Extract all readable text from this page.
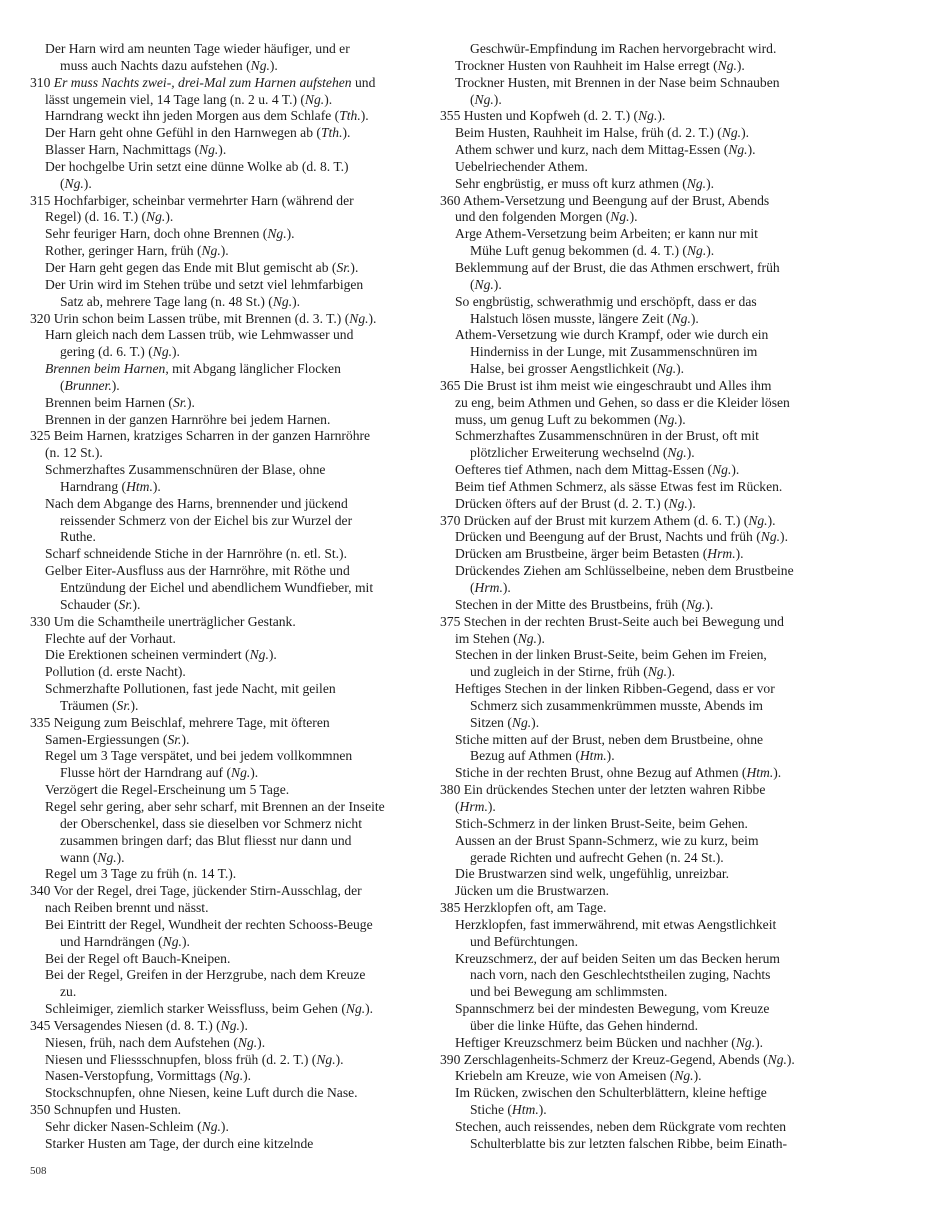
Der Harn wird am neunten Tage wieder häufiger, und er
muss auch Nachts dazu aufstehen (Ng.).
310 Er muss Nachts zwei-, drei-Mal zum Harnen aufstehen und
lässt ungemein viel, 14 Tage lang (n. 2 u. 4 T.) (Ng.).
Harndrang weckt ihn jeden Morgen aus dem Schlafe (Tth.).
Der Harn geht ohne Gefühl in den Harnwegen ab (Tth.).
Blasser Harn, Nachmittags (Ng.).
Der hochgelbe Urin setzt eine dünne Wolke ab (d. 8. T.)
(Ng.).
315 Hochfarbiger, scheinbar vermehrter Harn (während der
Regel) (d. 16. T.) (Ng.).
Sehr feuriger Harn, doch ohne Brennen (Ng.).
Rother, geringer Harn, früh (Ng.).
Der Harn geht gegen das Ende mit Blut gemischt ab (Sr.).
Der Urin wird im Stehen trübe und setzt viel lehmfarbigen
Satz ab, mehrere Tage lang (n. 48 St.) (Ng.).
320 Urin schon beim Lassen trübe, mit Brennen (d. 3. T.) (Ng.).
Harn gleich nach dem Lassen trüb, wie Lehmwasser und
gering (d. 6. T.) (Ng.).
Brennen beim Harnen, mit Abgang länglicher Flocken
(Brunner.).
Brennen beim Harnen (Sr.).
Brennen in der ganzen Harnröhre bei jedem Harnen.
325 Beim Harnen, kratziges Scharren in der ganzen Harnröhre
(n. 12 St.).
Schmerzhaftes Zusammenschnüren der Blase, ohne
Harndrang (Htm.).
Nach dem Abgange des Harns, brennender und jückend
reissender Schmerz von der Eichel bis zur Wurzel der
Ruthe.
Scharf schneidende Stiche in der Harnröhre (n. etl. St.).
Gelber Eiter-Ausfluss aus der Harnröhre, mit Röthe und
Entzündung der Eichel und abendlichem Wundfieber, mit
Schauder (Sr.).
330 Um die Schamtheile unerträglicher Gestank.
Flechte auf der Vorhaut.
Die Erektionen scheinen vermindert (Ng.).
Pollution (d. erste Nacht).
Schmerzhafte Pollutionen, fast jede Nacht, mit geilen
Träumen (Sr.).
335 Neigung zum Beischlaf, mehrere Tage, mit öfteren
Samen-Ergiessungen (Sr.).
Regel um 3 Tage verspätet, und bei jedem vollkommnen
Flusse hört der Harndrang auf (Ng.).
Verzögert die Regel-Erscheinung um 5 Tage.
Regel sehr gering, aber sehr scharf, mit Brennen an der Inseite
der Oberschenkel, dass sie dieselben vor Schmerz nicht
zusammen bringen darf; das Blut fliesst nur dann und
wann (Ng.).
Regel um 3 Tage zu früh (n. 14 T.).
340 Vor der Regel, drei Tage, jückender Stirn-Ausschlag, der
nach Reiben brennt und nässt.
Bei Eintritt der Regel, Wundheit der rechten Schooss-Beuge
und Harndrängen (Ng.).
Bei der Regel oft Bauch-Kneipen.
Bei der Regel, Greifen in der Herzgrube, nach dem Kreuze
zu.
Schleimiger, ziemlich starker Weissfluss, beim Gehen (Ng.).
345 Versagendes Niesen (d. 8. T.) (Ng.).
Niesen, früh, nach dem Aufstehen (Ng.).
Niesen und Fliessschnupfen, bloss früh (d. 2. T.) (Ng.).
Nasen-Verstopfung, Vormittags (Ng.).
Stockschnupfen, ohne Niesen, keine Luft durch die Nase.
350 Schnupfen und Husten.
Sehr dicker Nasen-Schleim (Ng.).
Starker Husten am Tage, der durch eine kitzelnde
Geschwür-Empfindung im Rachen hervorgebracht wird.
Trockner Husten von Rauhheit im Halse erregt (Ng.).
Trockner Husten, mit Brennen in der Nase beim Schnauben
(Ng.).
355 Husten und Kopfweh (d. 2. T.) (Ng.).
Beim Husten, Rauhheit im Halse, früh (d. 2. T.) (Ng.).
Athem schwer und kurz, nach dem Mittag-Essen (Ng.).
Uebelriechender Athem.
Sehr engbrüstig, er muss oft kurz athmen (Ng.).
360 Athem-Versetzung und Beengung auf der Brust, Abends
und den folgenden Morgen (Ng.).
Arge Athem-Versetzung beim Arbeiten; er kann nur mit
Mühe Luft genug bekommen (d. 4. T.) (Ng.).
Beklemmung auf der Brust, die das Athmen erschwert, früh
(Ng.).
So engbrüstig, schwerathmig und erschöpft, dass er das
Halstuch lösen musste, längere Zeit (Ng.).
Athem-Versetzung wie durch Krampf, oder wie durch ein
Hinderniss in der Lunge, mit Zusammenschnüren im
Halse, bei grosser Aengstlichkeit (Ng.).
365 Die Brust ist ihm meist wie eingeschraubt und Alles ihm
zu eng, beim Athmen und Gehen, so dass er die Kleider lösen
muss, um genug Luft zu bekommen (Ng.).
Schmerzhaftes Zusammenschnüren in der Brust, oft mit
plötzlicher Erweiterung wechselnd (Ng.).
Oefteres tief Athmen, nach dem Mittag-Essen (Ng.).
Beim tief Athmen Schmerz, als sässe Etwas fest im Rücken.
Drücken öfters auf der Brust (d. 2. T.) (Ng.).
370 Drücken auf der Brust mit kurzem Athem (d. 6. T.) (Ng.).
Drücken und Beengung auf der Brust, Nachts und früh (Ng.).
Drücken am Brustbeine, ärger beim Betasten (Hrm.).
Drückendes Ziehen am Schlüsselbeine, neben dem Brustbeine
(Hrm.).
Stechen in der Mitte des Brustbeins, früh (Ng.).
375 Stechen in der rechten Brust-Seite auch bei Bewegung und
im Stehen (Ng.).
Stechen in der linken Brust-Seite, beim Gehen im Freien,
und zugleich in der Stirne, früh (Ng.).
Heftiges Stechen in der linken Ribben-Gegend, dass er vor
Schmerz sich zusammenkrümmen musste, Abends im
Sitzen (Ng.).
Stiche mitten auf der Brust, neben dem Brustbeine, ohne
Bezug auf Athmen (Htm.).
Stiche in der rechten Brust, ohne Bezug auf Athmen (Htm.).
380 Ein drückendes Stechen unter der letzten wahren Ribbe
(Hrm.).
Stich-Schmerz in der linken Brust-Seite, beim Gehen.
Aussen an der Brust Spann-Schmerz, wie zu kurz, beim
gerade Richten und aufrecht Gehen (n. 24 St.).
Die Brustwarzen sind welk, ungefühlig, unreizbar.
Jücken um die Brustwarzen.
385 Herzklopfen oft, am Tage.
Herzklopfen, fast immerwährend, mit etwas Aengstlichkeit
und Befürchtungen.
Kreuzschmerz, der auf beiden Seiten um das Becken herum
nach vorn, nach den Geschlechtstheilen zuging, Nachts
und bei Bewegung am schlimmsten.
Spannschmerz bei der mindesten Bewegung, vom Kreuze
über die linke Hüfte, das Gehen hindernd.
Heftiger Kreuzschmerz beim Bücken und nachher (Ng.).
390 Zerschlagenheits-Schmerz der Kreuz-Gegend, Abends (Ng.).
Kriebeln am Kreuze, wie von Ameisen (Ng.).
Im Rücken, zwischen den Schulterblättern, kleine heftige
Stiche (Htm.).
Stechen, auch reissendes, neben dem Rückgrate vom rechten
Schulterblatte bis zur letzten falschen Ribbe, beim Einath-
508
